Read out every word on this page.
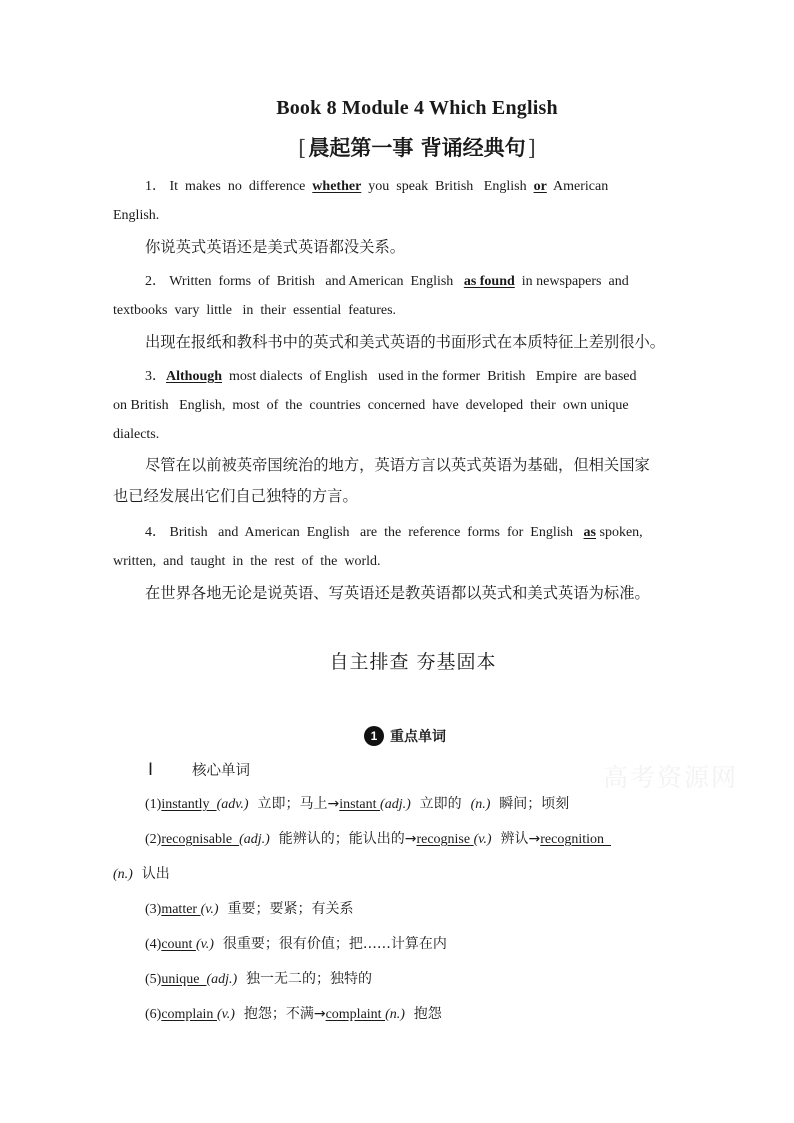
Book 8 Module 4 Which English
[晨起第一事 背诵经典句]
1． It  makes  no  difference  whether  you  speak  British   English  or  American
English.
你说英式英语还是美式英语都没关系。
2． Written  forms  of  British   and American  English   as found  in newspapers  and
textbooks  vary  little   in  their  essential  features.
出现在报纸和教科书中的英式和美式英语的书面形式在本质特征上差别很小。
3．Although  most dialects  of English   used in the former  British   Empire  are based
on British   English,  most  of  the  countries  concerned  have  developed  their  own unique
dialects.
尽管在以前被英帝国统治的地方，英语方言以英式英语为基础，但相关国家
也已经发展出它们自己独特的方言。
4． British   and  American  English   are  the  reference  forms  for  English   as spoken,
written,  and  taught  in  the  rest  of  the  world.
在世界各地无论是说英语、写英语还是教英语都以英式和美式英语为标准。
自主排查 夯基固本
1 重点单词
Ⅰ	核心单词	高考资源网
(1)instantly  (adv.)  立即；马上→instant (adj.)  立即的  (n.)  瞬间；顷刻
(2)recognisable  (adj.)  能辨认的；能认出的→recognise (v.)  辨认→recognition
(n.)  认出
(3)matter (v.)  重要；要紧；有关系
(4)count (v.)  很重要；很有价值；把……计算在内
(5)unique  (adj.)  独一无二的；独特的
(6)complain (v.)  抱怨；不满→complaint (n.)  抱怨
